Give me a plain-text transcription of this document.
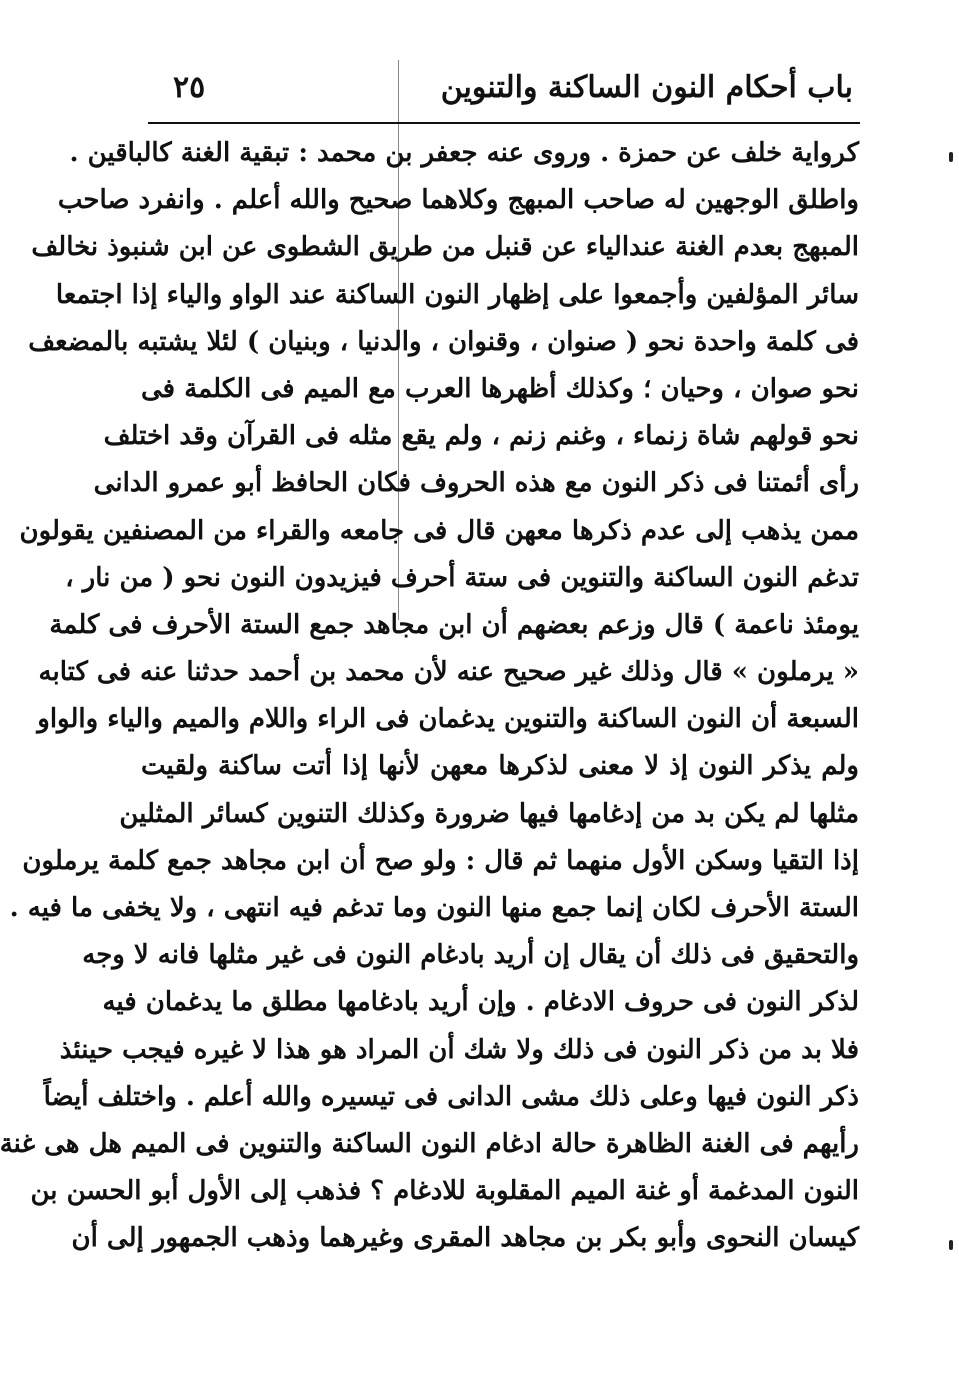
باب أحكام النون الساكنة والتنوين
٢٥
كرواية خلف عن حمزة . وروى عنه جعفر بن محمد : تبقية الغنة كالباقين .
واطلق الوجهين له صاحب المبهج وكلاهما صحيح والله أعلم . وانفرد صاحب
المبهج بعدم الغنة عندالياء عن قنبل من طريق الشطوى عن ابن شنبوذ نخالف
سائر المؤلفين وأجمعوا على إظهار النون الساكنة عند الواو والياء إذا اجتمعا
فى كلمة واحدة نحو ( صنوان ، وقنوان ، والدنيا ، وبنيان ) لئلا يشتبه بالمضعف
نحو صوان ، وحيان ؛ وكذلك أظهرها العرب مع الميم فى الكلمة فى
نحو قولهم شاة زنماء ، وغنم زنم ، ولم يقع مثله فى القرآن وقد اختلف
رأى أئمتنا فى ذكر النون مع هذه الحروف فكان الحافظ أبو عمرو الدانى
ممن يذهب إلى عدم ذكرها معهن قال فى جامعه والقراء من المصنفين يقولون
تدغم النون الساكنة والتنوين فى ستة أحرف فيزيدون النون نحو ( من نار ،
يومئذ ناعمة ) قال وزعم بعضهم أن ابن مجاهد جمع الستة الأحرف فى كلمة
« يرملون » قال وذلك غير صحيح عنه لأن محمد بن أحمد حدثنا عنه فى كتابه
السبعة أن النون الساكنة والتنوين يدغمان فى الراء واللام والميم والياء والواو
ولم يذكر النون إذ لا معنى لذكرها معهن لأنها إذا أتت ساكنة ولقيت
مثلها لم يكن بد من إدغامها فيها ضرورة وكذلك التنوين كسائر المثلين
إذا التقيا وسكن الأول منهما ثم قال : ولو صح أن ابن مجاهد جمع كلمة يرملون
الستة الأحرف لكان إنما جمع منها النون وما تدغم فيه انتهى ، ولا يخفى ما فيه .
والتحقيق فى ذلك أن يقال إن أريد بادغام النون فى غير مثلها فانه لا وجه
لذكر النون فى حروف الادغام . وإن أريد بادغامها مطلق ما يدغمان فيه
فلا بد من ذكر النون فى ذلك ولا شك أن المراد هو هذا لا غيره فيجب حينئذ
ذكر النون فيها وعلى ذلك مشى الدانى فى تيسيره والله أعلم . واختلف أيضاً
رأيهم فى الغنة الظاهرة حالة ادغام النون الساكنة والتنوين فى الميم هل هى غنة
النون المدغمة أو غنة الميم المقلوبة للادغام ؟ فذهب إلى الأول أبو الحسن بن
كيسان النحوى وأبو بكر بن مجاهد المقرى وغيرهما وذهب الجمهور إلى أن
